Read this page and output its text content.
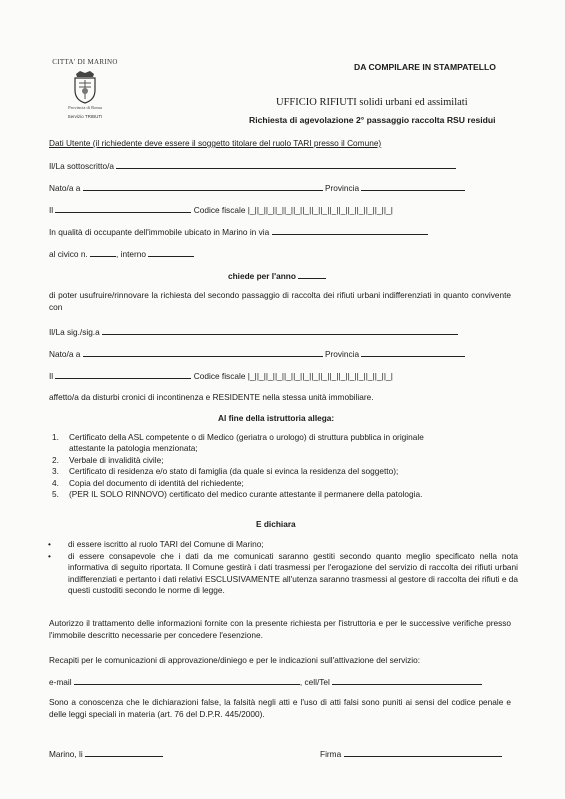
CITTA' DI MARINO
Provincia di Roma
Servizio TRIBUTI
DA COMPILARE IN STAMPATELLO
UFFICIO RIFIUTI solidi urbani ed assimilati
Richiesta di agevolazione 2° passaggio raccolta RSU residui
Dati Utente (il richiedente deve essere il soggetto titolare del ruolo TARI presso il Comune)
Il/La sottoscritto/a
Nato/a a	Provincia
Il	Codice fiscale |_||_||_||_||_||_||_||_||_||_||_||_||_||_||_||_|
In qualità di occupante dell'immobile ubicato in Marino in via
al civico n.	, interno
chiede per l'anno
di poter usufruire/rinnovare la richiesta del secondo passaggio di raccolta dei rifiuti urbani indifferenziati in quanto convivente con
Il/La sig./sig.a
Nato/a a	Provincia
Il	Codice fiscale |_||_||_||_||_||_||_||_||_||_||_||_||_||_||_||_|
affetto/a da disturbi cronici di incontinenza e RESIDENTE nella stessa unità immobiliare.
Al fine della istruttoria allega:
1. Certificato della ASL competente o di Medico (geriatra o urologo) di struttura pubblica in originale
attestante la patologia menzionata;
2. Verbale di invalidità civile;
3. Certificato di residenza e/o stato di famiglia (da quale si evinca la residenza del soggetto);
4. Copia del documento di identità del richiedente;
5. (PER IL SOLO RINNOVO) certificato del medico curante attestante il permanere della patologia.
E dichiara
• di essere iscritto al ruolo TARI del Comune di Marino;
• di essere consapevole che i dati da me comunicati saranno gestiti secondo quanto meglio specificato nella nota informativa di seguito riportata. Il Comune gestirà i dati trasmessi per l'erogazione del servizio di raccolta dei rifiuti urbani indifferenziati e pertanto i dati relativi ESCLUSIVAMENTE all'utenza saranno trasmessi al gestore di raccolta dei rifiuti e da questi custoditi secondo le norme di legge.
Autorizzo il trattamento delle informazioni fornite con la presente richiesta per l'istruttoria e per le successive verifiche presso l'immobile descritto necessarie per concedere l'esenzione.
Recapiti per le comunicazioni di approvazione/diniego e per le indicazioni sull'attivazione del servizio:
e-mail	, cell/Tel
Sono a conoscenza che le dichiarazioni false, la falsità negli atti e l'uso di atti falsi sono puniti ai sensi del codice penale e delle leggi speciali in materia (art. 76 del D.P.R. 445/2000).
Marino, li	Firma
